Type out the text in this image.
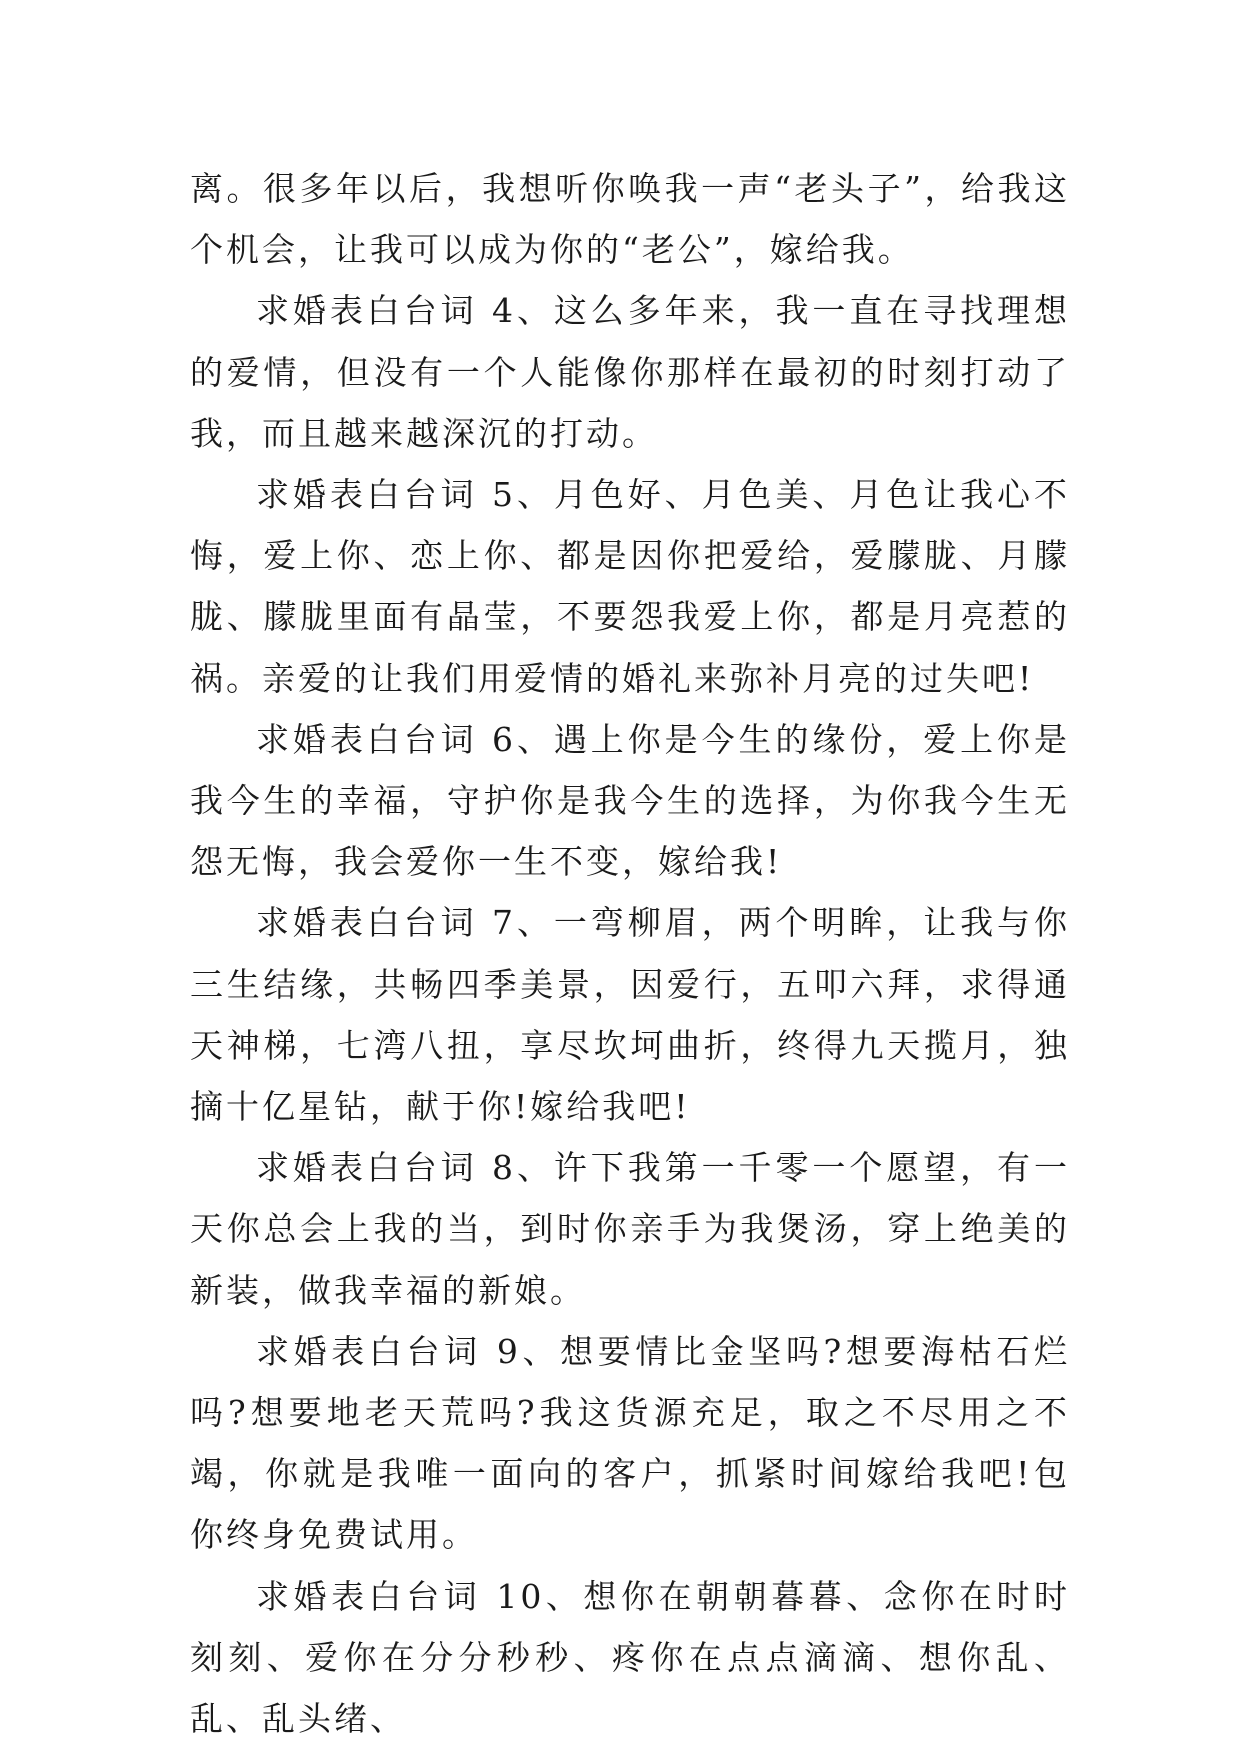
离。很多年以后，我想听你唤我一声“老头子”，给我这个机会，让我可以成为你的“老公”，嫁给我。

求婚表白台词 4、这么多年来，我一直在寻找理想的爱情，但没有一个人能像你那样在最初的时刻打动了我，而且越来越深沉的打动。

求婚表白台词 5、月色好、月色美、月色让我心不悔，爱上你、恋上你、都是因你把爱给，爱朦胧、月朦胧、朦胧里面有晶莹，不要怨我爱上你，都是月亮惹的祸。亲爱的让我们用爱情的婚礼来弥补月亮的过失吧!

求婚表白台词 6、遇上你是今生的缘份，爱上你是我今生的幸福，守护你是我今生的选择，为你我今生无怨无悔，我会爱你一生不变，嫁给我!

求婚表白台词 7、一弯柳眉，两个明眸，让我与你三生结缘，共畅四季美景，因爱行，五叩六拜，求得通天神梯，七湾八扭，享尽坎坷曲折，终得九天揽月，独摘十亿星钻，献于你!嫁给我吧!

求婚表白台词 8、许下我第一千零一个愿望，有一天你总会上我的当，到时你亲手为我煲汤，穿上绝美的新装，做我幸福的新娘。

求婚表白台词 9、想要情比金坚吗?想要海枯石烂吗?想要地老天荒吗?我这货源充足，取之不尽用之不竭，你就是我唯一面向的客户，抓紧时间嫁给我吧!包你终身免费试用。

求婚表白台词 10、想你在朝朝暮暮、念你在时时刻刻、爱你在分分秒秒、疼你在点点滴滴、想你乱、乱、乱头绪、
